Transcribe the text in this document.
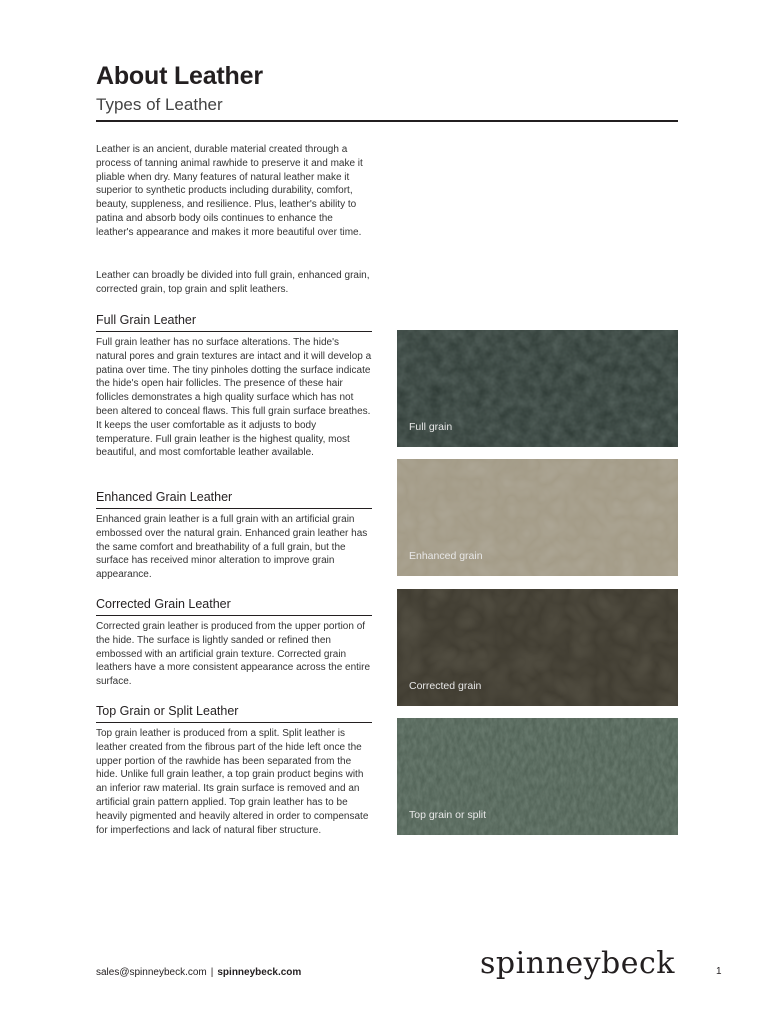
About Leather
Types of Leather

Leather is an ancient, durable material created through a process of tanning animal rawhide to preserve it and make it pliable when dry. Many features of natural leather make it superior to synthetic products including durability, comfort, beauty, suppleness, and resilience. Plus, leather's ability to patina and absorb body oils continues to enhance the leather's appearance and makes it more beautiful over time.

Leather can broadly be divided into full grain, enhanced grain, corrected grain, top grain and split leathers.

Full Grain Leather

Full grain leather has no surface alterations. The hide's natural pores and grain textures are intact and it will develop a patina over time. The tiny pinholes dotting the surface indicate the hide's open hair follicles. The presence of these hair follicles demonstrates a high quality surface which has not been altered to conceal flaws. This full grain surface breathes. It keeps the user comfortable as it adjusts to body temperature. Full grain leather is the highest quality, most beautiful, and most comfortable leather available.

Enhanced Grain Leather

Enhanced grain leather is a full grain with an artificial grain embossed over the natural grain. Enhanced grain leather has the same comfort and breathability of a full grain, but the surface has received minor alteration to improve grain appearance.

Corrected Grain Leather

Corrected grain leather is produced from the upper portion of the hide. The surface is lightly sanded or refined then embossed with an artificial grain texture. Corrected grain leathers have a more consistent appearance across the entire surface.

Top Grain or Split Leather

Top grain leather is produced from a split. Split leather is leather created from the fibrous part of the hide left once the upper portion of the rawhide has been separated from the hide. Unlike full grain leather, a top grain product begins with an inferior raw material. Its grain surface is removed and an artificial grain pattern applied. Top grain leather has to be heavily pigmented and heavily altered in order to compensate for imperfections and lack of natural fiber structure.

Full grain
Enhanced grain
Corrected grain
Top grain or split
sales@spinneybeck.com | spinneybeck.com	spinneybeck	1
